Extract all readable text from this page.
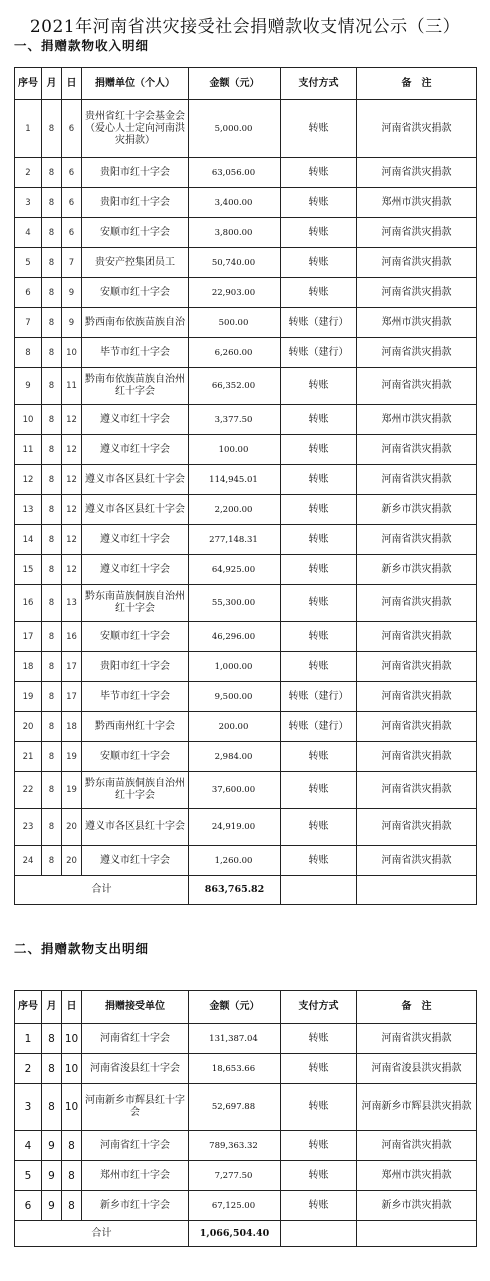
2021年河南省洪灾接受社会捐赠款收支情况公示（三）
一、捐赠款物收入明细
序号	月	日	捐赠单位（个人）	金额（元）	支付方式	备　注
1	8	6	贵州省红十字会基金会（爱心人士定向河南洪灾捐款）	5,000.00	转账	河南省洪灾捐款
2	8	6	贵阳市红十字会	63,056.00	转账	河南省洪灾捐款
3	8	6	贵阳市红十字会	3,400.00	转账	郑州市洪灾捐款
4	8	6	安顺市红十字会	3,800.00	转账	河南省洪灾捐款
5	8	7	贵安产控集团员工	50,740.00	转账	河南省洪灾捐款
6	8	9	安顺市红十字会	22,903.00	转账	河南省洪灾捐款
7	8	9	黔西南布依族苗族自治	500.00	转账（建行）	郑州市洪灾捐款
8	8	10	毕节市红十字会	6,260.00	转账（建行）	河南省洪灾捐款
9	8	11	黔南布依族苗族自治州红十字会	66,352.00	转账	河南省洪灾捐款
10	8	12	遵义市红十字会	3,377.50	转账	郑州市洪灾捐款
11	8	12	遵义市红十字会	100.00	转账	河南省洪灾捐款
12	8	12	遵义市各区县红十字会	114,945.01	转账	河南省洪灾捐款
13	8	12	遵义市各区县红十字会	2,200.00	转账	新乡市洪灾捐款
14	8	12	遵义市红十字会	277,148.31	转账	河南省洪灾捐款
15	8	12	遵义市红十字会	64,925.00	转账	新乡市洪灾捐款
16	8	13	黔东南苗族侗族自治州红十字会	55,300.00	转账	河南省洪灾捐款
17	8	16	安顺市红十字会	46,296.00	转账	河南省洪灾捐款
18	8	17	贵阳市红十字会	1,000.00	转账	河南省洪灾捐款
19	8	17	毕节市红十字会	9,500.00	转账（建行）	河南省洪灾捐款
20	8	18	黔西南州红十字会	200.00	转账（建行）	河南省洪灾捐款
21	8	19	安顺市红十字会	2,984.00	转账	河南省洪灾捐款
22	8	19	黔东南苗族侗族自治州红十字会	37,600.00	转账	河南省洪灾捐款
23	8	20	遵义市各区县红十字会	24,919.00	转账	河南省洪灾捐款
24	8	20	遵义市红十字会	1,260.00	转账	河南省洪灾捐款
合计				863,765.82		
二、捐赠款物支出明细
序号	月	日	捐赠接受单位	金额（元）	支付方式	备　注
1	8	10	河南省红十字会	131,387.04	转账	河南省洪灾捐款
2	8	10	河南省浚县红十字会	18,653.66	转账	河南省浚县洪灾捐款
3	8	10	河南新乡市辉县红十字会	52,697.88	转账	河南新乡市辉县洪灾捐款
4	9	8	河南省红十字会	789,363.32	转账	河南省洪灾捐款
5	9	8	郑州市红十字会	7,277.50	转账	郑州市洪灾捐款
6	9	8	新乡市红十字会	67,125.00	转账	新乡市洪灾捐款
合计				1,066,504.40		
